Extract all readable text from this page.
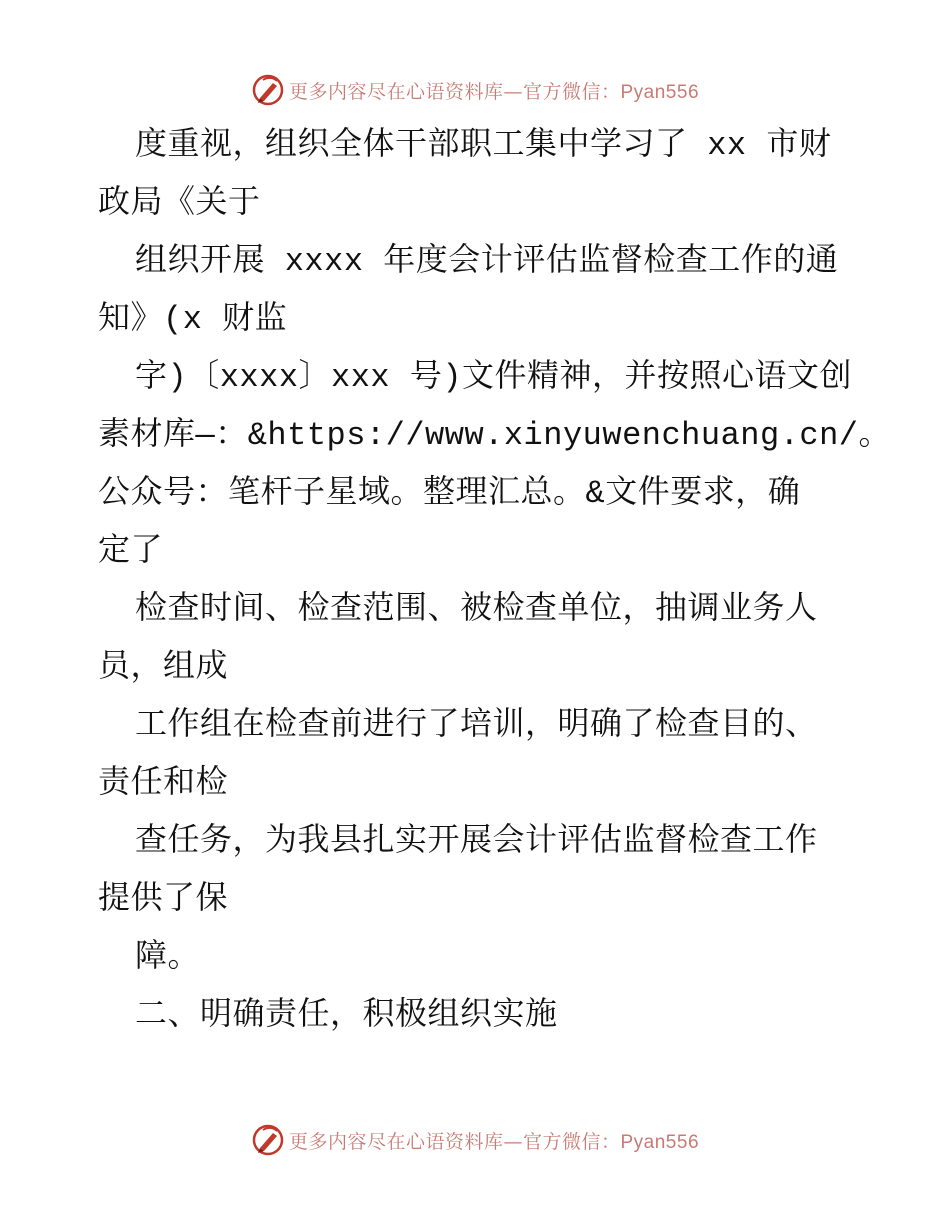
更多内容尽在心语资料库—官方微信：Pyan556
度重视，组织全体干部职工集中学习了 xx 市财
政局《关于
组织开展 xxxx 年度会计评估监督检查工作的通
知》(x 财监
字)〔xxxx〕xxx 号)文件精神，并按照心语文创
素材库—：&https://www.xinyuwenchuang.cn/。
公众号：笔杆子星域。整理汇总。&文件要求，确
定了
检查时间、检查范围、被检查单位，抽调业务人
员，组成
工作组在检查前进行了培训，明确了检查目的、
责任和检
查任务，为我县扎实开展会计评估监督检查工作
提供了保
障。
二、明确责任，积极组织实施
更多内容尽在心语资料库—官方微信：Pyan556
